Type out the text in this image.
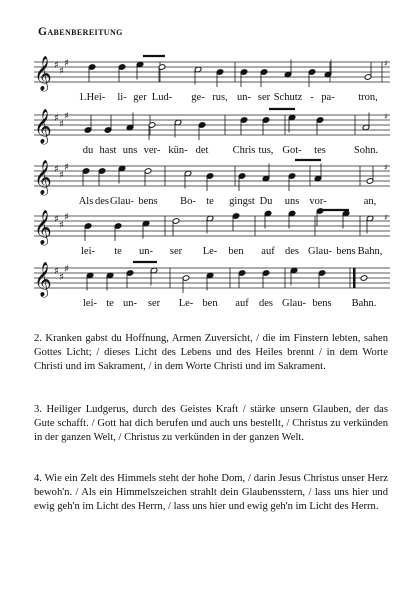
Gabenbereitung
𝄞 ♯
♯
♯	♯
1.Hei- li- ger Lud- ge- rus, un- ser Schutz - pa- tron,
𝄞 ♯
♯
♯	♯
du hast uns ver- kün- det Chris tus, Got- tes	Sohn.
𝄞 ♯
♯
♯	♯
Als des Glau- bens Bo- te gingst Du uns vor-	an,
𝄞 ♯
♯
♯	♯
lei- te un- ser Le- ben auf des Glau- bens Bahn,
𝄞 ♯
♯
♯
lei- te un- ser Le- ben auf des Glau- bens Bahn.

2. Kranken gabst du Hoffnung, Armen Zuversicht, / die im Finstern lebten, sahen Gottes Licht; / dieses Licht des Lebens und des Heiles brennt / in dem Worte Christi und im Sakrament, / in dem Worte Christi und im Sakrament.

3. Heiliger Ludgerus, durch des Geistes Kraft / stärke unsern Glauben, der das Gute schafft. / Gott hat dich berufen und auch uns bestellt, / Christus zu verkünden in der ganzen Welt, / Christus zu verkünden in der ganzen Welt.

4. Wie ein Zelt des Himmels steht der hohe Dom, / darin Jesus Christus unser Herz bewoh'n. / Als ein Himmelszeichen strahlt dein Glaubensstern, / lass uns hier und ewig geh'n im Licht des Herrn, / lass uns hier und ewig geh'n im Licht des Herrn.
